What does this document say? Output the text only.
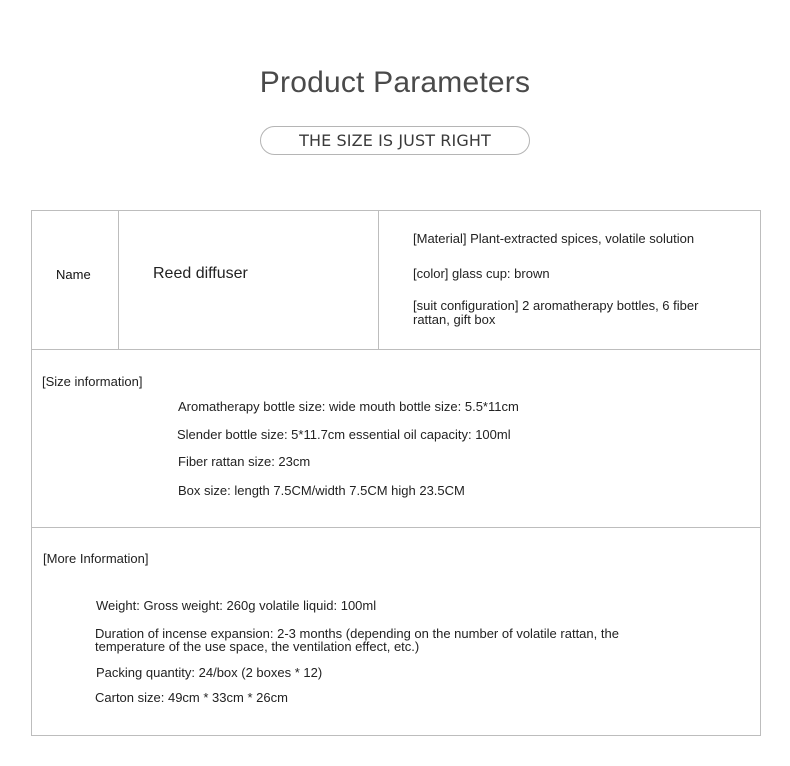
Product Parameters
THE SIZE IS JUST RIGHT
Name	Reed diffuser
[Material] Plant-extracted spices, volatile solution
[color] glass cup: brown
[suit configuration] 2 aromatherapy bottles, 6 fiber rattan, gift box
[Size information]
Aromatherapy bottle size: wide mouth bottle size: 5.5*11cm
Slender bottle size: 5*11.7cm essential oil capacity: 100ml
Fiber rattan size: 23cm
Box size: length 7.5CM/width 7.5CM high 23.5CM
[More Information]
Weight: Gross weight: 260g volatile liquid: 100ml
Duration of incense expansion: 2-3 months (depending on the number of volatile rattan, the temperature of the use space, the ventilation effect, etc.)
Packing quantity: 24/box (2 boxes * 12)
Carton size: 49cm * 33cm * 26cm
